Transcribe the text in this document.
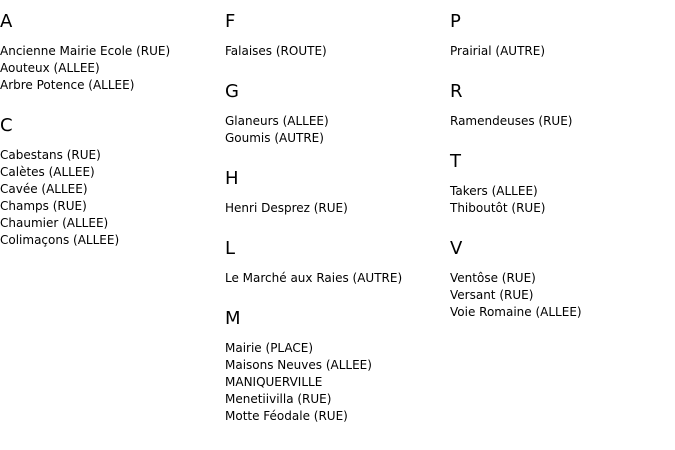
A
Ancienne Mairie Ecole (RUE)
Aouteux (ALLEE)
Arbre Potence (ALLEE)
C
Cabestans (RUE)
Calètes (ALLEE)
Cavée (ALLEE)
Champs (RUE)
Chaumier (ALLEE)
Colimaçons (ALLEE)
F
Falaises (ROUTE)
G
Glaneurs (ALLEE)
Goumis (AUTRE)
H
Henri Desprez (RUE)
L
Le Marché aux Raies (AUTRE)
M
Mairie (PLACE)
Maisons Neuves (ALLEE)
MANIQUERVILLE
Menetiivilla (RUE)
Motte Féodale (RUE)
P
Prairial (AUTRE)
R
Ramendeuses (RUE)
T
Takers (ALLEE)
Thiboutôt (RUE)
V
Ventôse (RUE)
Versant (RUE)
Voie Romaine (ALLEE)
